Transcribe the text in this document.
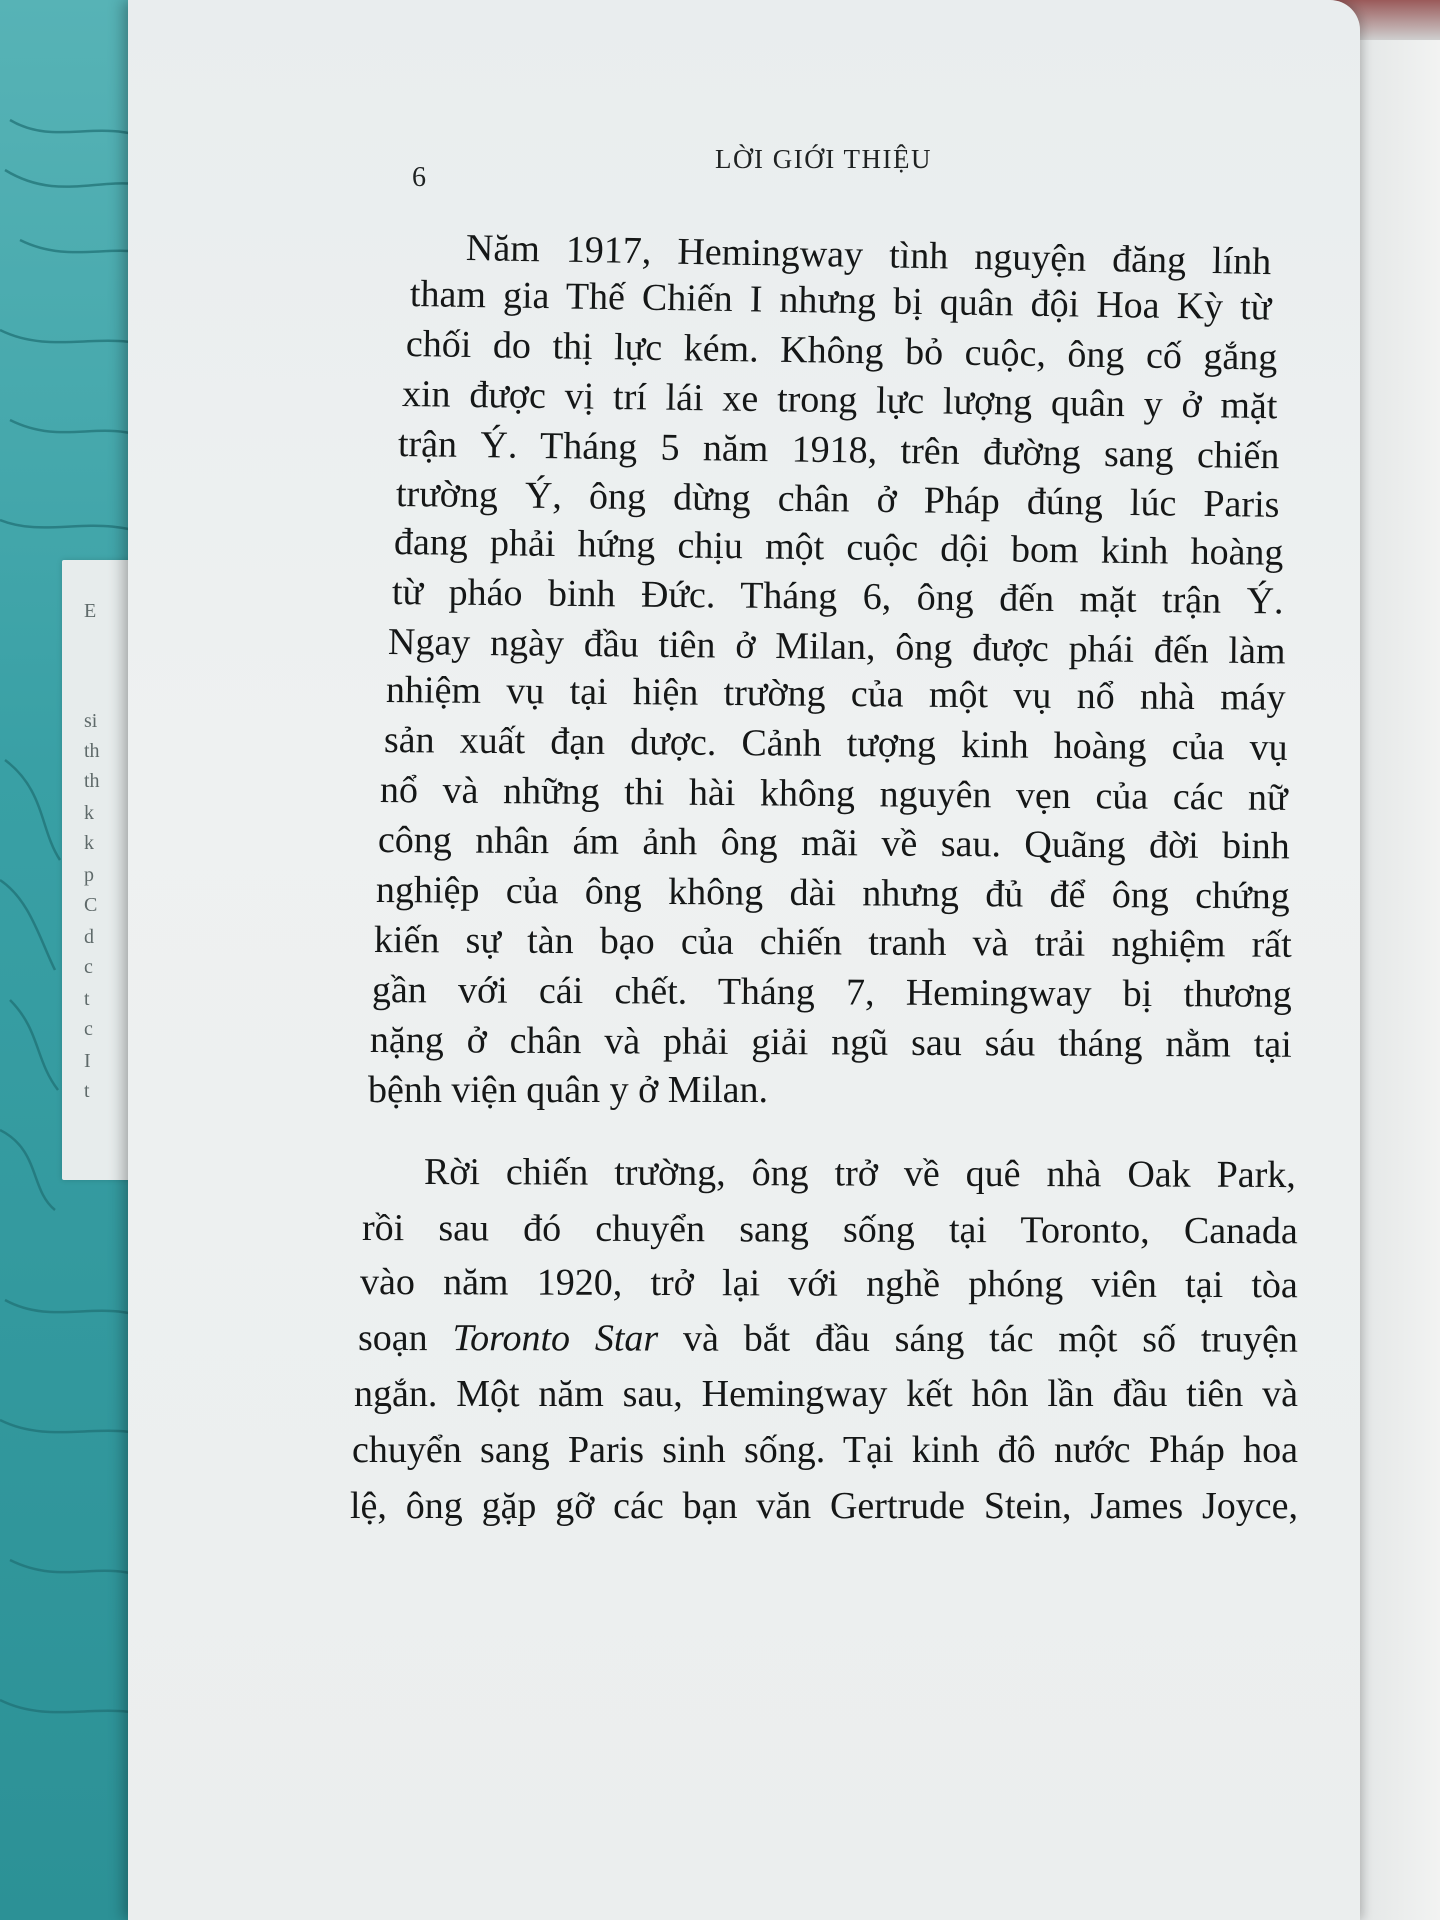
E
si
th
th
k
k
p
C
d
c
t
c
I
t

6

LỜI GIỚI THIỆU

Năm 1917, Hemingway tình nguyện đăng lính

tham gia Thế Chiến I nhưng bị quân đội Hoa Kỳ từ

chối do thị lực kém. Không bỏ cuộc, ông cố gắng

xin được vị trí lái xe trong lực lượng quân y ở mặt

trận Ý. Tháng 5 năm 1918, trên đường sang chiến

trường Ý, ông dừng chân ở Pháp đúng lúc Paris

đang phải hứng chịu một cuộc dội bom kinh hoàng

từ pháo binh Đức. Tháng 6, ông đến mặt trận Ý.

Ngay ngày đầu tiên ở Milan, ông được phái đến làm

nhiệm vụ tại hiện trường của một vụ nổ nhà máy

sản xuất đạn dược. Cảnh tượng kinh hoàng của vụ

nổ và những thi hài không nguyên vẹn của các nữ

công nhân ám ảnh ông mãi về sau. Quãng đời binh

nghiệp của ông không dài nhưng đủ để ông chứng

kiến sự tàn bạo của chiến tranh và trải nghiệm rất

gần với cái chết. Tháng 7, Hemingway bị thương

nặng ở chân và phải giải ngũ sau sáu tháng nằm tại

bệnh viện quân y ở Milan.

Rời chiến trường, ông trở về quê nhà Oak Park,

rồi sau đó chuyển sang sống tại Toronto, Canada

vào năm 1920, trở lại với nghề phóng viên tại tòa

soạn Toronto Star và bắt đầu sáng tác một số truyện

ngắn. Một năm sau, Hemingway kết hôn lần đầu tiên và

chuyển sang Paris sinh sống. Tại kinh đô nước Pháp hoa

lệ, ông gặp gỡ các bạn văn Gertrude Stein, James Joyce,
